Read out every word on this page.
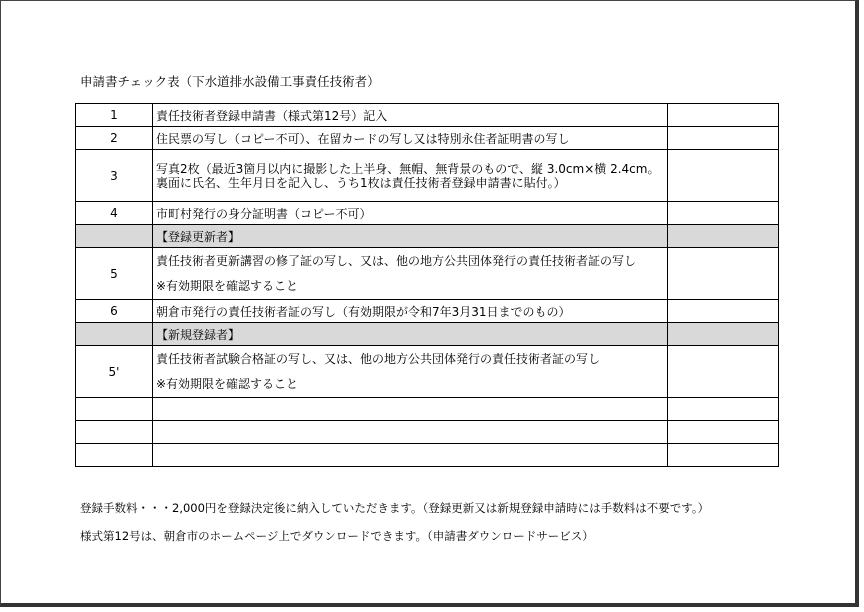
申請書チェック表（下水道排水設備工事責任技術者）
1	責任技術者登録申請書（様式第12号）記入	
2	住民票の写し（コピー不可）、在留カードの写し又は特別永住者証明書の写し	
3	写真2枚（最近3箇月以内に撮影した上半身、無帽、無背景のもので、縦 3.0cm×横 2.4cm。裏面に氏名、生年月日を記入し、うち1枚は責任技術者登録申請書に貼付。）	
4	市町村発行の身分証明書（コピー不可）	
	【登録更新者】	
5	責任技術者更新講習の修了証の写し、又は、他の地方公共団体発行の責任技術者証の写し
※有効期限を確認すること	

6	朝倉市発行の責任技術者証の写し（有効期限が令和7年3月31日までのもの）	
	【新規登録者】	
5'	責任技術者試験合格証の写し、又は、他の地方公共団体発行の責任技術者証の写し
※有効期限を確認すること	

登録手数料・・・2,000円を登録決定後に納入していただきます。（登録更新又は新規登録申請時には手数料は不要です。）
様式第12号は、朝倉市のホームページ上でダウンロードできます。（申請書ダウンロードサービス）
